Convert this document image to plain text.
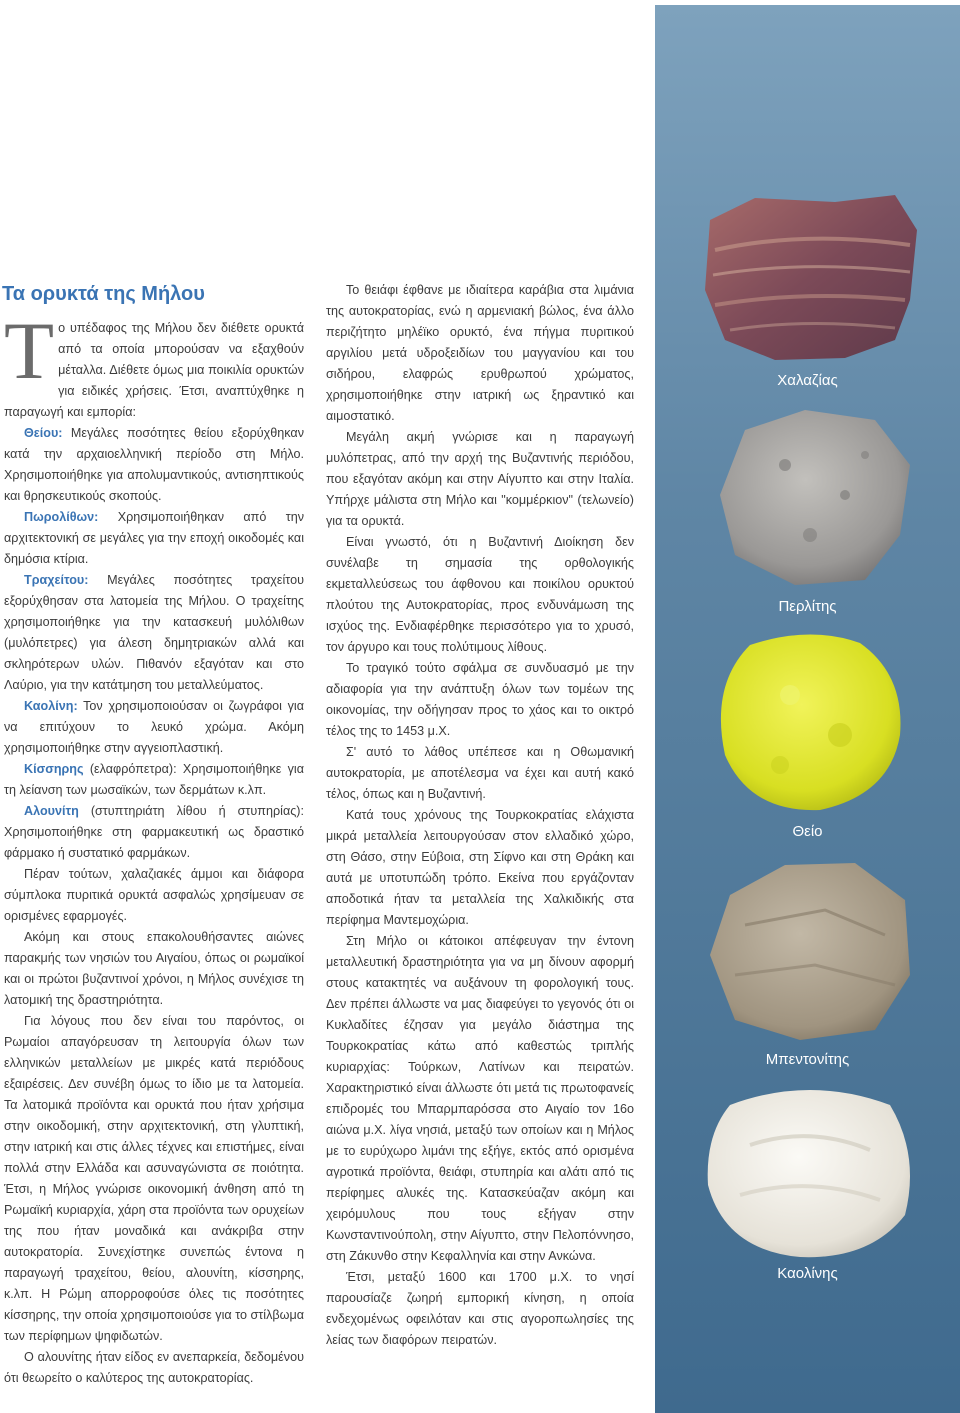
Τα ορυκτά της Μήλου

Το υπέδαφος της Μήλου δεν διέθετε ορυκτά από τα οποία μπορούσαν να εξαχθούν μέταλλα. Διέθετε όμως μια ποικιλία ορυκτών για ειδικές χρήσεις. Έτσι, αναπτύχθηκε η παραγωγή και εμπορία:

Θείου: Μεγάλες ποσότητες θείου εξορύχθηκαν κατά την αρχαιοελληνική περίοδο στη Μήλο. Χρησιμοποιήθηκε για απολυμαντικούς, αντισηπτικούς και θρησκευτικούς σκοπούς.

Πωρολίθων: Χρησιμοποιήθηκαν από την αρχιτεκτονική σε μεγάλες για την εποχή οικοδομές και δημόσια κτίρια.

Τραχείτου: Μεγάλες ποσότητες τραχείτου εξορύχθησαν στα λατομεία της Μήλου. Ο τραχείτης χρησιμοποιήθηκε για την κατασκευή μυλόλιθων (μυλόπετρες) για άλεση δημητριακών αλλά και σκληρότερων υλών. Πιθανόν εξαγόταν και στο Λαύριο, για την κατάτμηση του μεταλλεύματος.

Καολίνη: Τον χρησιμοποιούσαν οι ζωγράφοι για να επιτύχουν το λευκό χρώμα. Ακόμη χρησιμοποιήθηκε στην αγγειοπλαστική.

Κίσσηρης (ελαφρόπετρα): Χρησιμοποιήθηκε για τη λείανση των μωσαϊκών, των δερμάτων κ.λπ.

Αλουνίτη (στυπτηριάτη λίθου ή στυπηρίας): Χρησιμοποιήθηκε στη φαρμακευτική ως δραστικό φάρμακο ή συστατικό φαρμάκων.

Πέραν τούτων, χαλαζιακές άμμοι και διάφορα σύμπλοκα πυριτικά ορυκτά ασφαλώς χρησίμευαν σε ορισμένες εφαρμογές.

Ακόμη και στους επακολουθήσαντες αιώνες παρακμής των νησιών του Αιγαίου, όπως οι ρωμαϊκοί και οι πρώτοι βυζαντινοί χρόνοι, η Μήλος συνέχισε τη λατομική της δραστηριότητα.

Για λόγους που δεν είναι του παρόντος, οι Ρωμαίοι απαγόρευσαν τη λειτουργία όλων των ελληνικών μεταλλείων με μικρές κατά περιόδους εξαιρέσεις. Δεν συνέβη όμως το ίδιο με τα λατομεία. Τα λατομικά προϊόντα και ορυκτά που ήταν χρήσιμα στην οικοδομική, στην αρχιτεκτονική, στη γλυπτική, στην ιατρική και στις άλλες τέχνες και επιστήμες, είναι πολλά στην Ελλάδα και ασυναγώνιστα σε ποιότητα. Έτσι, η Μήλος γνώρισε οικονομική άνθηση από τη Ρωμαϊκή κυριαρχία, χάρη στα προϊόντα των ορυχείων της που ήταν μοναδικά και ανάκριβα στην αυτοκρατορία. Συνεχίστηκε συνεπώς έντονα η παραγωγή τραχείτου, θείου, αλουνίτη, κίσσηρης, κ.λπ. Η Ρώμη απορροφούσε όλες τις ποσότητες κίσσηρης, την οποία χρησιμοποιούσε για το στίλβωμα των περίφημων ψηφιδωτών.

Ο αλουνίτης ήταν είδος εν ανεπαρκεία, δεδομένου ότι θεωρείτο ο καλύτερος της αυτοκρατορίας.

Το θειάφι έφθανε με ιδιαίτερα καράβια στα λιμάνια της αυτοκρατορίας, ενώ η αρμενιακή βώλος, ένα άλλο περιζήτητο μηλέϊκο ορυκτό, ένα πήγμα πυριτικού αργιλίου μετά υδροξειδίων του μαγγανίου και του σιδήρου, ελαφρώς ερυθρωπού χρώματος, χρησιμοποιήθηκε στην ιατρική ως ξηραντικό και αιμοστατικό.

Μεγάλη ακμή γνώρισε και η παραγωγή μυλόπετρας, από την αρχή της Βυζαντινής περιόδου, που εξαγόταν ακόμη και στην Αίγυπτο και στην Ιταλία. Υπήρχε μάλιστα στη Μήλο και "κομμέρκιον" (τελωνείο) για τα ορυκτά.

Είναι γνωστό, ότι η Βυζαντινή Διοίκηση δεν συνέλαβε τη σημασία της ορθολογικής εκμεταλλεύσεως του άφθονου και ποικίλου ορυκτού πλούτου της Αυτοκρατορίας, προς ενδυνάμωση της ισχύος της. Ενδιαφέρθηκε περισσότερο για το χρυσό, τον άργυρο και τους πολύτιμους λίθους.

Το τραγικό τούτο σφάλμα σε συνδυασμό με την αδιαφορία για την ανάπτυξη όλων των τομέων της οικονομίας, την οδήγησαν προς το χάος και το οικτρό τέλος της το 1453 μ.Χ.

Σ' αυτό το λάθος υπέπεσε και η Οθωμανική αυτοκρατορία, με αποτέλεσμα να έχει και αυτή κακό τέλος, όπως και η Βυζαντινή.

Κατά τους χρόνους της Τουρκοκρατίας ελάχιστα μικρά μεταλλεία λειτουργούσαν στον ελλαδικό χώρο, στη Θάσο, στην Εύβοια, στη Σίφνο και στη Θράκη και αυτά με υποτυπώδη τρόπο. Εκείνα που εργάζονταν αποδοτικά ήταν τα μεταλλεία της Χαλκιδικής στα περίφημα Μαντεμοχώρια.

Στη Μήλο οι κάτοικοι απέφευγαν την έντονη μεταλλευτική δραστηριότητα για να μη δίνουν αφορμή στους κατακτητές να αυξάνουν τη φορολογική τους. Δεν πρέπει άλλωστε να μας διαφεύγει το γεγονός ότι οι Κυκλαδίτες έζησαν για μεγάλο διάστημα της Τουρκοκρατίας κάτω από καθεστώς τριπλής κυριαρχίας: Τούρκων, Λατίνων και πειρατών. Χαρακτηριστικό είναι άλλωστε ότι μετά τις πρωτοφανείς επιδρομές του Μπαρμπαρόσσα στο Αιγαίο τον 16ο αιώνα μ.Χ. λίγα νησιά, μεταξύ των οποίων και η Μήλος με το ευρύχωρο λιμάνι της εξήγε, εκτός από ορισμένα αγροτικά προϊόντα, θειάφι, στυπηρία και αλάτι από τις περίφημες αλυκές της. Κατασκεύαζαν ακόμη και χειρόμυλους που τους εξήγαν στην Κωνσταντινούπολη, στην Αίγυπτο, στην Πελοπόννησο, στη Ζάκυνθο στην Κεφαλληνία και στην Ανκώνα.

Έτσι, μεταξύ 1600 και 1700 μ.Χ. το νησί παρουσίαζε ζωηρή εμπορική κίνηση, η οποία ενδεχομένως οφειλόταν και στις αγοροπωλησίες της λείας των διαφόρων πειρατών.

Χαλαζίας
Περλίτης
Θείο
Μπεντονίτης
Καολίνης
